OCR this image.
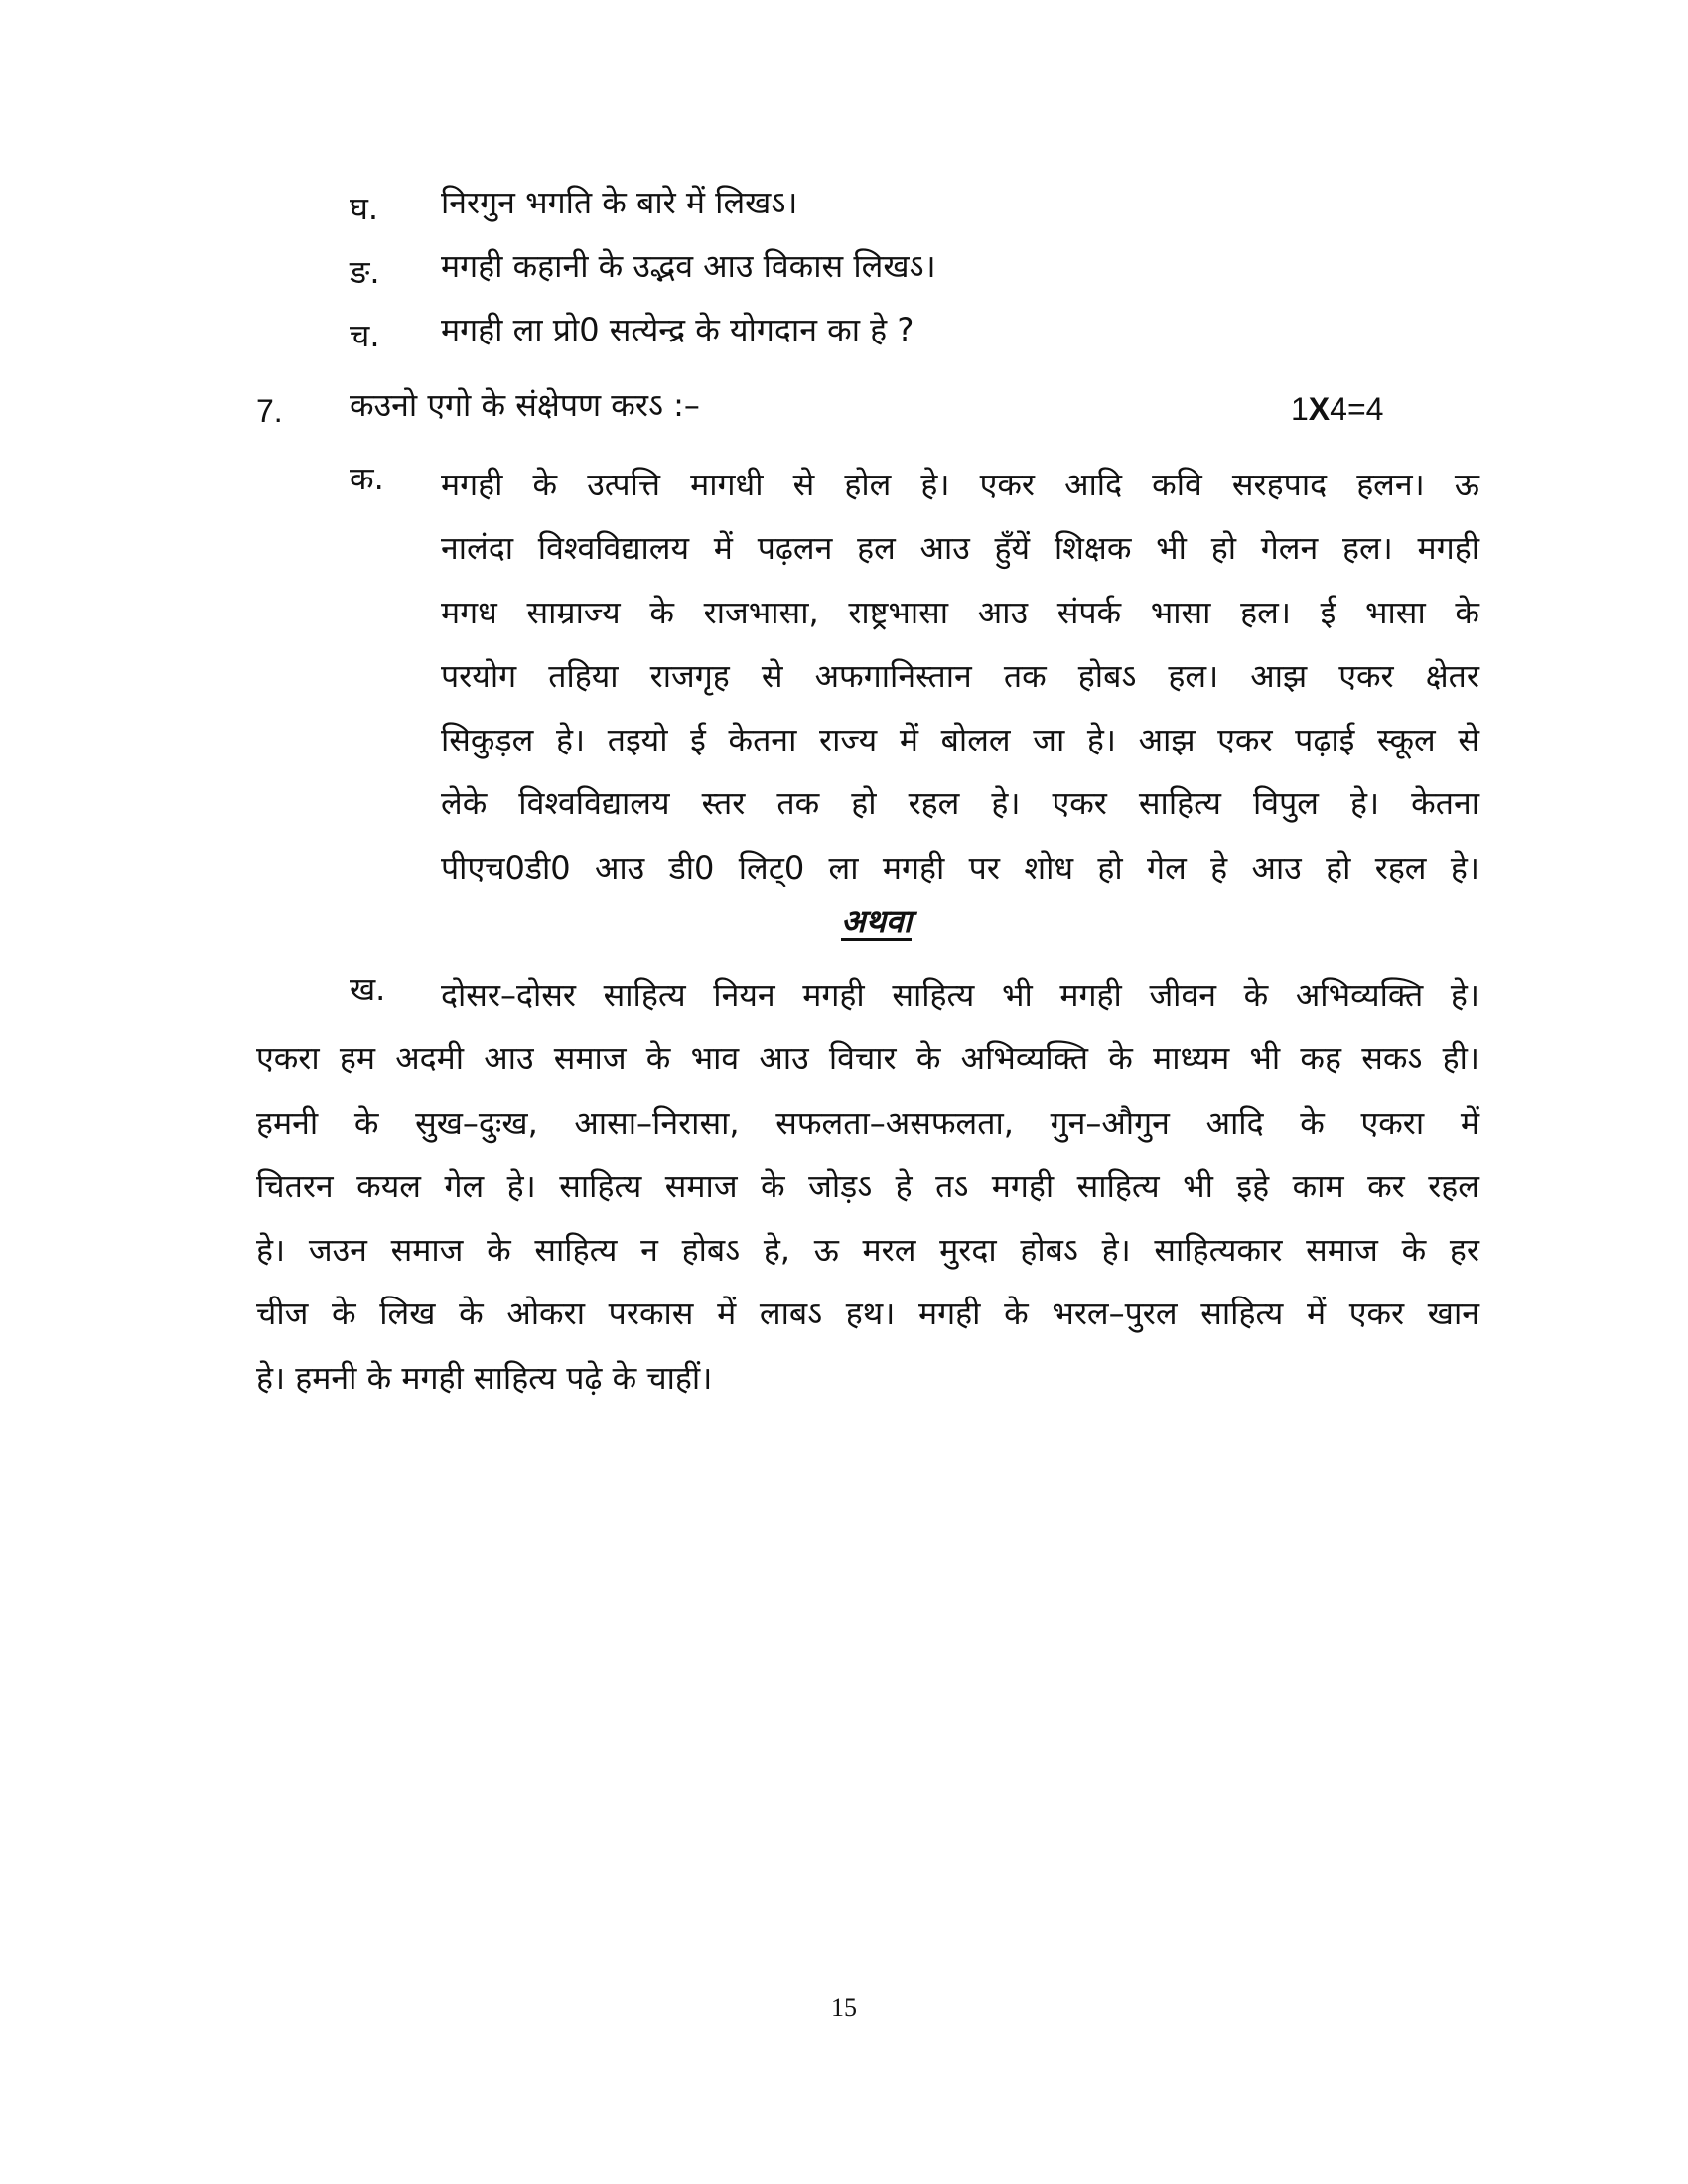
घ. निरगुन भगति के बारे में लिखऽ।
ङ. मगही कहानी के उद्भव आउ विकास लिखऽ।
च. मगही ला प्रो0 सत्येन्द्र के योगदान का हे ?
7. कउनो एगो के संक्षेपण करऽ :–	1X4=4
क. मगही के उत्पत्ति मागधी से होल हे। एकर आदि कवि सरहपाद हलन। ऊ
नालंदा विश्वविद्यालय में पढ़लन हल आउ हुँयें शिक्षक भी हो गेलन हल। मगही
मगध साम्राज्य के राजभासा, राष्ट्रभासा आउ संपर्क भासा हल। ई भासा के
परयोग तहिया राजगृह से अफगानिस्तान तक होबऽ हल। आझ एकर क्षेतर
सिकुड़ल हे। तइयो ई केतना राज्य में बोलल जा हे। आझ एकर पढ़ाई स्कूल से
लेके विश्वविद्यालय स्तर तक हो रहल हे। एकर साहित्य विपुल हे। केतना
पीएच0डी0 आउ डी0 लिट्0 ला मगही पर शोध हो गेल हे आउ हो रहल हे।
अथवा
ख.	दोसर–दोसर साहित्य नियन मगही साहित्य भी मगही जीवन के अभिव्यक्ति हे।
एकरा हम अदमी आउ समाज के भाव आउ विचार के अभिव्यक्ति के माध्यम भी कह सकऽ ही।
हमनी के सुख–दुःख, आसा–निरासा, सफलता–असफलता, गुन–औगुन आदि के एकरा में
चितरन कयल गेल हे। साहित्य समाज के जोड़ऽ हे तऽ मगही साहित्य भी इहे काम कर रहल
हे। जउन समाज के साहित्य न होबऽ हे, ऊ मरल मुरदा होबऽ हे। साहित्यकार समाज के हर
चीज के लिख के ओकरा परकास में लाबऽ हथ। मगही के भरल–पुरल साहित्य में एकर खान
हे। हमनी के मगही साहित्य पढ़े के चाहीं।
15
